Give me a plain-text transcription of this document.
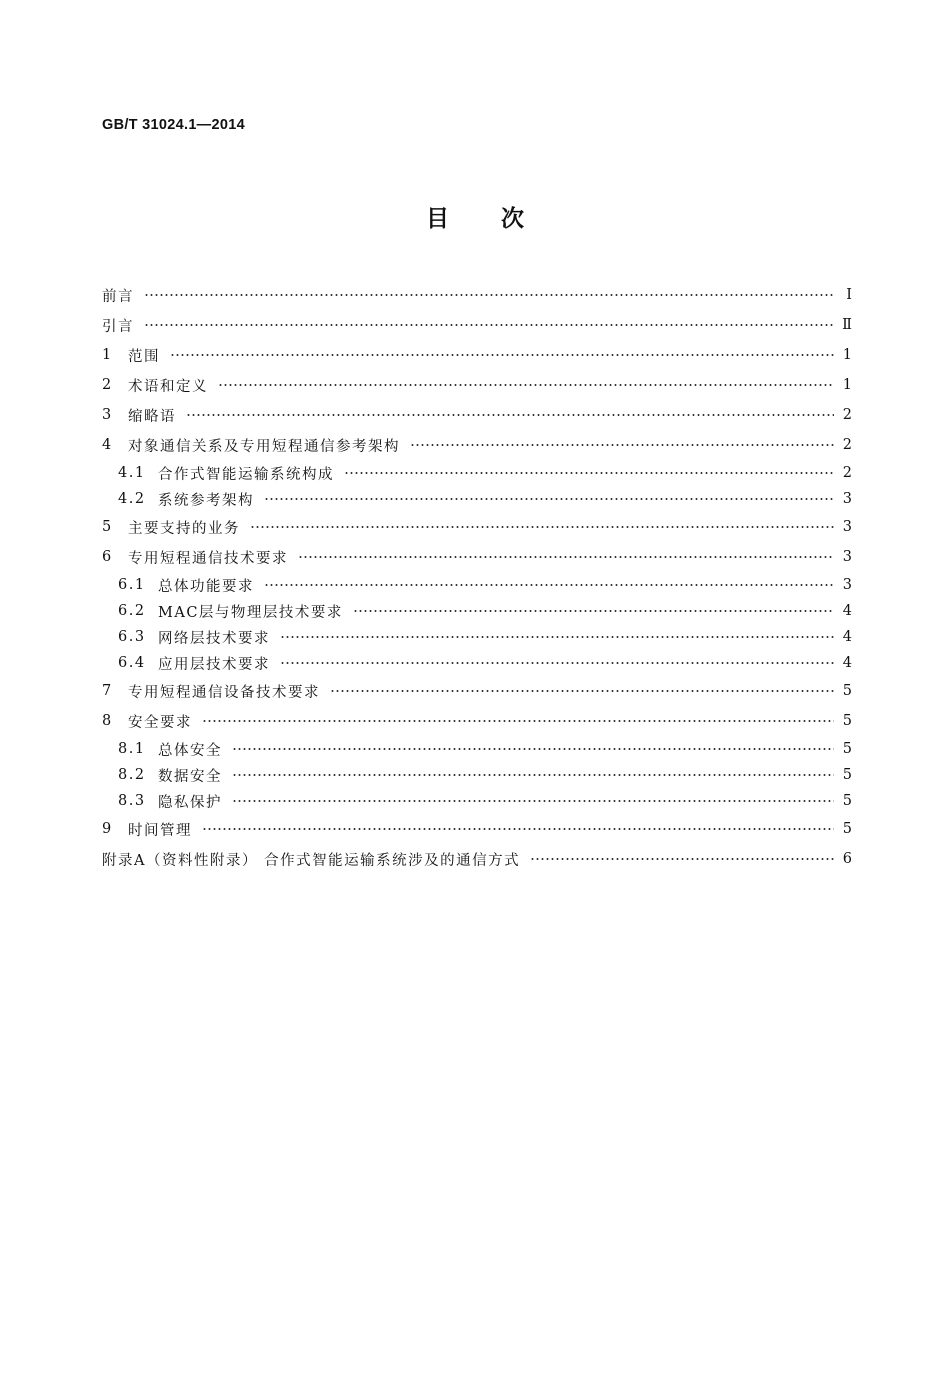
GB/T 31024.1—2014
目 次
前言	Ⅰ
引言	Ⅱ
1	范围	1
2	术语和定义	1
3	缩略语	2
4	对象通信关系及专用短程通信参考架构	2
4.1 合作式智能运输系统构成	2
4.2 系统参考架构	3
5	主要支持的业务	3
6	专用短程通信技术要求	3
6.1 总体功能要求	3
6.2 MAC层与物理层技术要求	4
6.3 网络层技术要求	4
6.4 应用层技术要求	4
7	专用短程通信设备技术要求	5
8	安全要求	5
8.1 总体安全	5
8.2 数据安全	5
8.3 隐私保护	5
9	时间管理	5
附录A（资料性附录） 合作式智能运输系统涉及的通信方式	6
